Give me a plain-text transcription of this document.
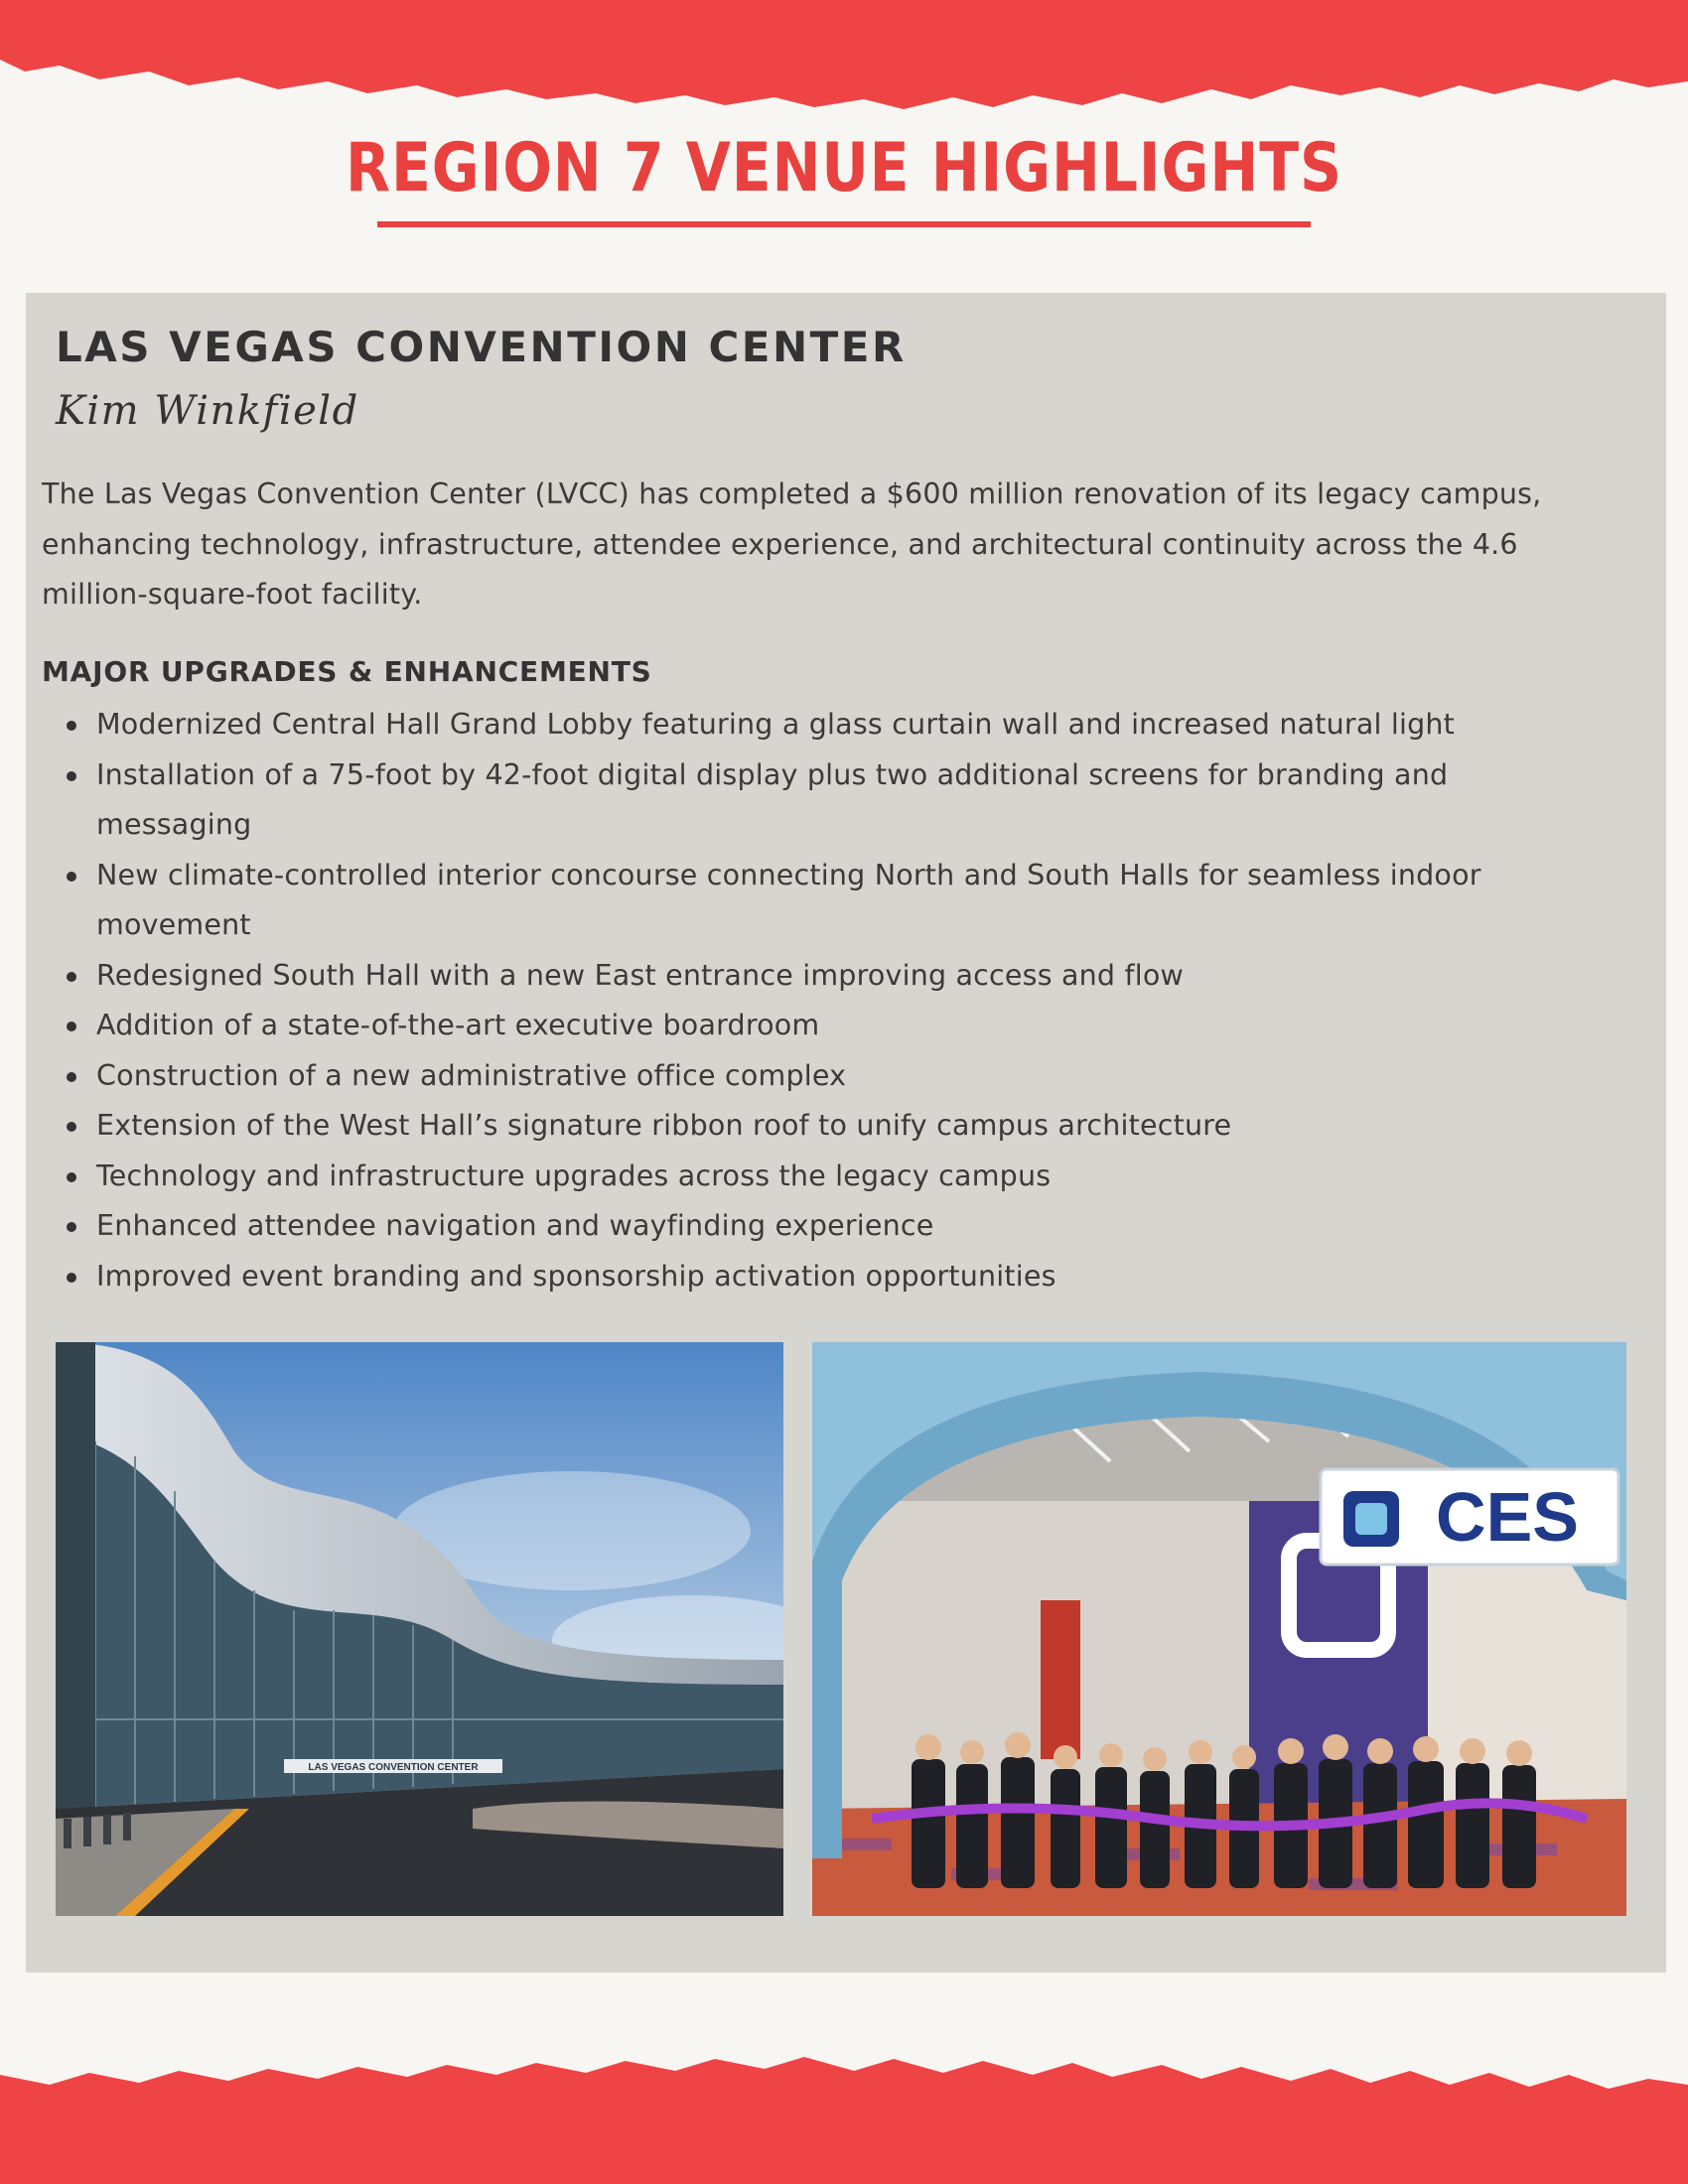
REGION 7 VENUE HIGHLIGHTS
LAS VEGAS CONVENTION CENTER

Kim Winkfield

The Las Vegas Convention Center (LVCC) has completed a $600 million renovation of its legacy campus, enhancing technology, infrastructure, attendee experience, and architectural continuity across the 4.6 million-square-foot facility.

MAJOR UPGRADES & ENHANCEMENTS
Modernized Central Hall Grand Lobby featuring a glass curtain wall and increased natural light
Installation of a 75-foot by 42-foot digital display plus two additional screens for branding and messaging
New climate-controlled interior concourse connecting North and South Halls for seamless indoor movement
Redesigned South Hall with a new East entrance improving access and flow
Addition of a state-of-the-art executive boardroom
Construction of a new administrative office complex
Extension of the West Hall’s signature ribbon roof to unify campus architecture
Technology and infrastructure upgrades across the legacy campus
Enhanced attendee navigation and wayfinding experience
Improved event branding and sponsorship activation opportunities
LAS VEGAS CONVENTION CENTER
CES
